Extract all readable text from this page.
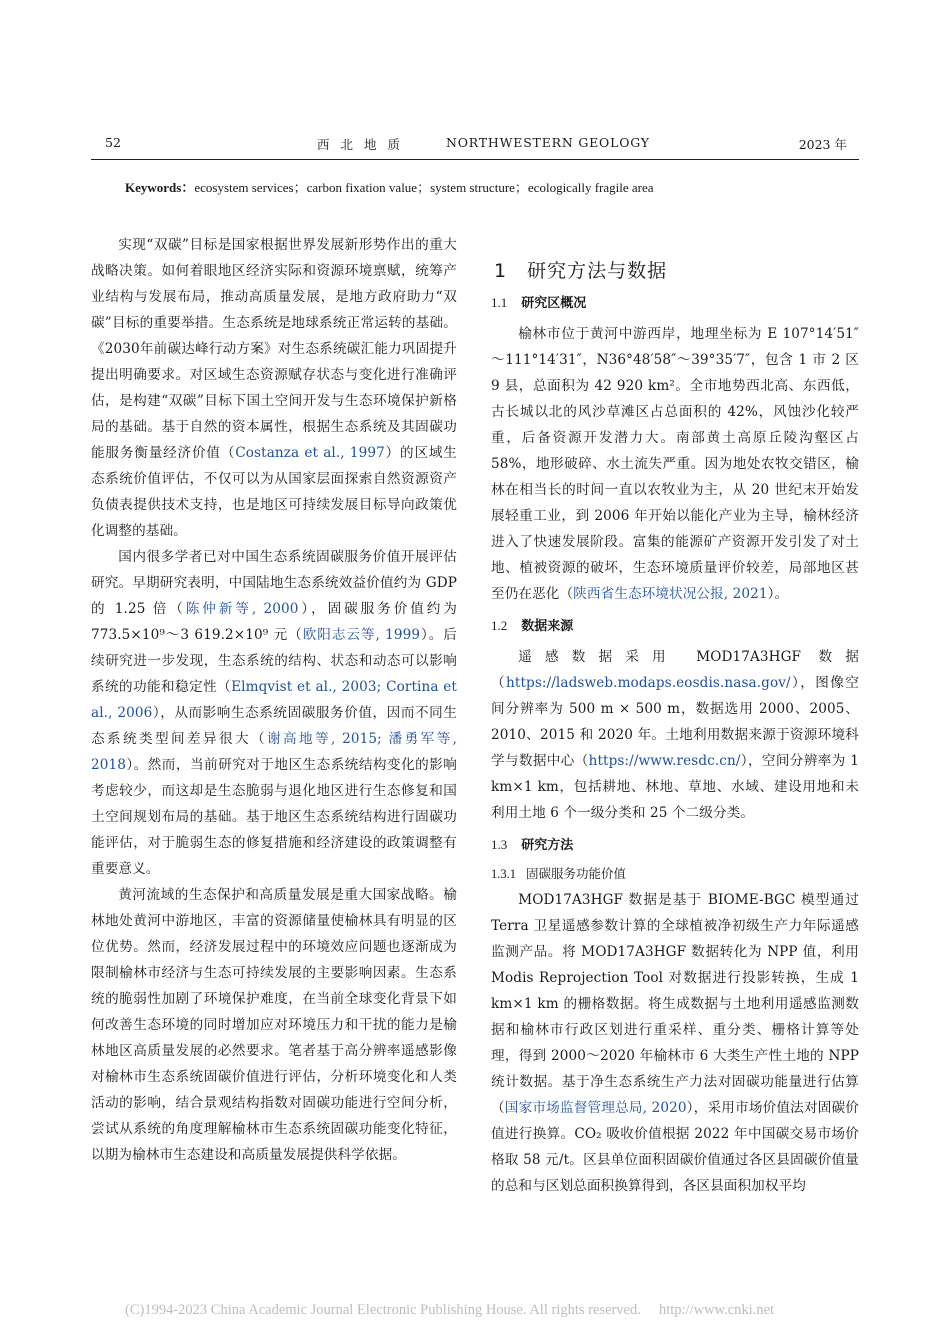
52	西北地质	NORTHWESTERN GEOLOGY	2023 年
Keywords：ecosystem services；carbon fixation value；system structure；ecologically fragile area

实现“双碳”目标是国家根据世界发展新形势作出的重大战略决策。如何着眼地区经济实际和资源环境禀赋，统筹产业结构与发展布局，推动高质量发展，是地方政府助力“双碳”目标的重要举措。生态系统是地球系统正常运转的基础。《2030年前碳达峰行动方案》对生态系统碳汇能力巩固提升提出明确要求。对区域生态资源赋存状态与变化进行准确评估，是构建“双碳”目标下国土空间开发与生态环境保护新格局的基础。基于自然的资本属性，根据生态系统及其固碳功能服务衡量经济价值（Costanza et al., 1997）的区域生态系统价值评估，不仅可以为从国家层面探索自然资源资产负债表提供技术支持，也是地区可持续发展目标导向政策优化调整的基础。

国内很多学者已对中国生态系统固碳服务价值开展评估研究。早期研究表明，中国陆地生态系统效益价值约为 GDP 的 1.25 倍（陈仲新等, 2000），固碳服务价值约为 773.5×10⁹～3 619.2×10⁹ 元（欧阳志云等, 1999）。后续研究进一步发现，生态系统的结构、状态和动态可以影响系统的功能和稳定性（Elmqvist et al., 2003; Cortina et al., 2006），从而影响生态系统固碳服务价值，因而不同生态系统类型间差异很大（谢高地等, 2015; 潘勇军等, 2018）。然而，当前研究对于地区生态系统结构变化的影响考虑较少，而这却是生态脆弱与退化地区进行生态修复和国土空间规划布局的基础。基于地区生态系统结构进行固碳功能评估，对于脆弱生态的修复措施和经济建设的政策调整有重要意义。

黄河流域的生态保护和高质量发展是重大国家战略。榆林地处黄河中游地区，丰富的资源储量使榆林具有明显的区位优势。然而，经济发展过程中的环境效应问题也逐渐成为限制榆林市经济与生态可持续发展的主要影响因素。生态系统的脆弱性加剧了环境保护难度，在当前全球变化背景下如何改善生态环境的同时增加应对环境压力和干扰的能力是榆林地区高质量发展的必然要求。笔者基于高分辨率遥感影像对榆林市生态系统固碳价值进行评估，分析环境变化和人类活动的影响，结合景观结构指数对固碳功能进行空间分析，尝试从系统的角度理解榆林市生态系统固碳功能变化特征，以期为榆林市生态建设和高质量发展提供科学依据。

1　研究方法与数据
1.1 研究区概况

榆林市位于黄河中游西岸，地理坐标为 E 107°14′51″～111°14′31″，N36°48′58″～39°35′7″，包含 1 市 2 区 9 县，总面积为 42 920 km²。全市地势西北高、东西低，古长城以北的风沙草滩区占总面积的 42%，风蚀沙化较严重，后备资源开发潜力大。南部黄土高原丘陵沟壑区占 58%，地形破碎、水土流失严重。因为地处农牧交错区，榆林在相当长的时间一直以农牧业为主，从 20 世纪末开始发展轻重工业，到 2006 年开始以能化产业为主导，榆林经济进入了快速发展阶段。富集的能源矿产资源开发引发了对土地、植被资源的破坏，生态环境质量评价较差，局部地区甚至仍在恶化（陕西省生态环境状况公报, 2021）。

1.2 数据来源

遥感数据采用 MOD17A3HGF 数据（https://ladsweb.modaps.eosdis.nasa.gov/），图像空间分辨率为 500 m × 500 m，数据选用 2000、2005、2010、2015 和 2020 年。土地利用数据来源于资源环境科学与数据中心（https://www.resdc.cn/），空间分辨率为 1 km×1 km，包括耕地、林地、草地、水域、建设用地和未利用土地 6 个一级分类和 25 个二级分类。

1.3 研究方法
1.3.1 固碳服务功能价值

MOD17A3HGF 数据是基于 BIOME-BGC 模型通过 Terra 卫星遥感参数计算的全球植被净初级生产力年际遥感监测产品。将 MOD17A3HGF 数据转化为 NPP 值，利用 Modis Reprojection Tool 对数据进行投影转换，生成 1 km×1 km 的栅格数据。将生成数据与土地利用遥感监测数据和榆林市行政区划进行重采样、重分类、栅格计算等处理，得到 2000～2020 年榆林市 6 大类生产性土地的 NPP 统计数据。基于净生态系统生产力法对固碳功能量进行估算（国家市场监督管理总局, 2020），采用市场价值法对固碳价值进行换算。CO₂ 吸收价值根据 2022 年中国碳交易市场价格取 58 元/t。区县单位面积固碳价值通过各区县固碳价值量的总和与区划总面积换算得到，各区县面积加权平均

(C)1994-2023 China Academic Journal Electronic Publishing House. All rights reserved.　 http://www.cnki.net
